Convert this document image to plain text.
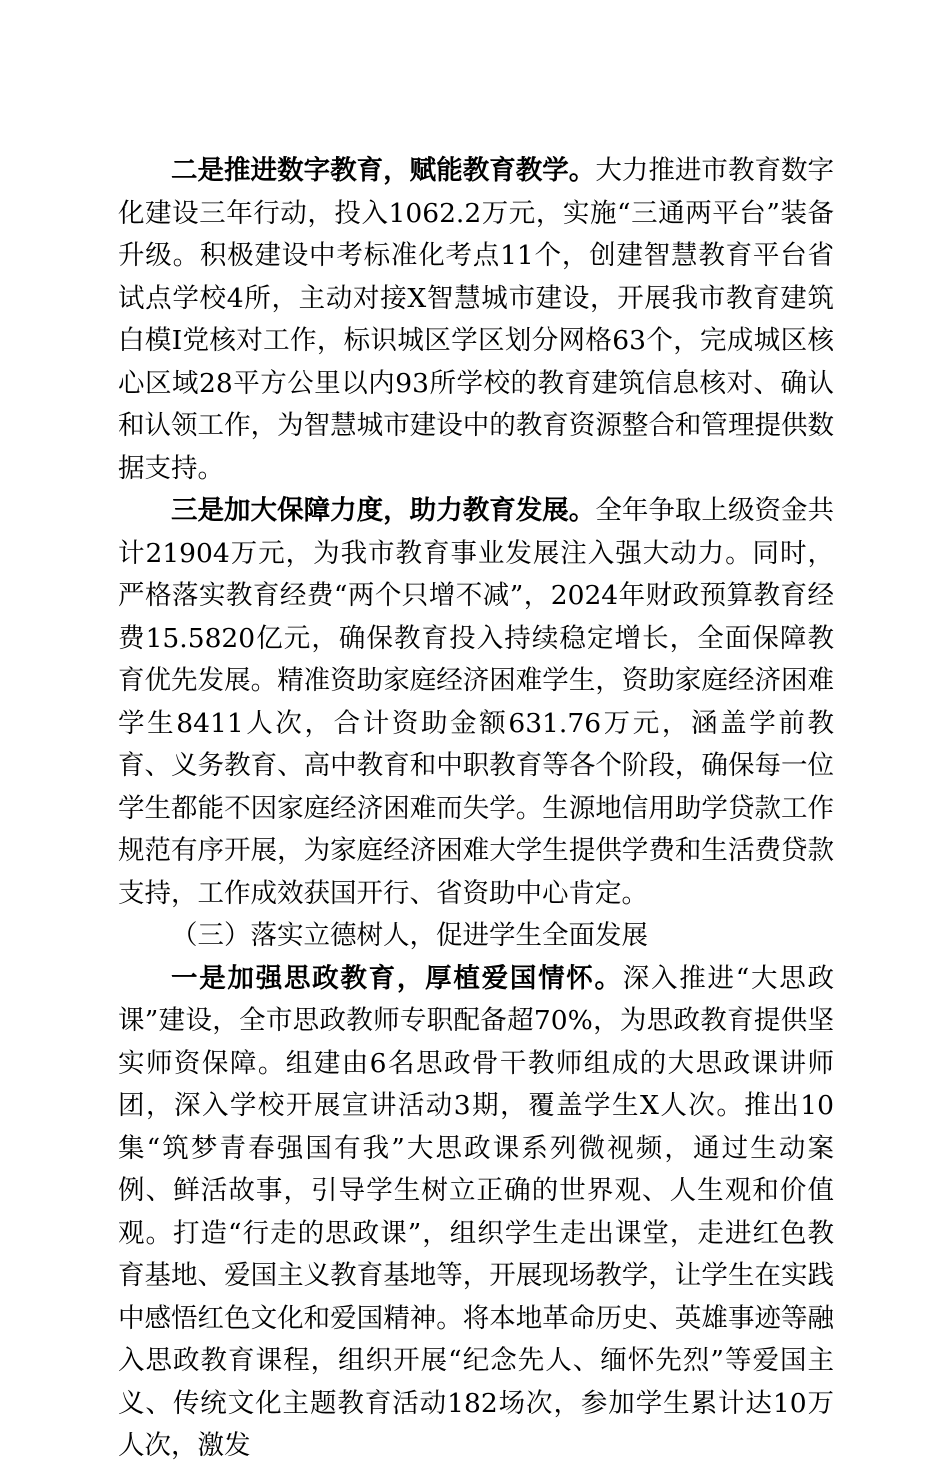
二是推进数字教育，赋能教育教学。大力推进市教育数字化建设三年行动，投入1062.2万元，实施“三通两平台”装备升级。积极建设中考标准化考点11个，创建智慧教育平台省试点学校4所，主动对接X智慧城市建设，开展我市教育建筑白模I党核对工作，标识城区学区划分网格63个，完成城区核心区域28平方公里以内93所学校的教育建筑信息核对、确认和认领工作，为智慧城市建设中的教育资源整合和管理提供数据支持。

三是加大保障力度，助力教育发展。全年争取上级资金共计21904万元，为我市教育事业发展注入强大动力。同时，严格落实教育经费“两个只增不减”，2024年财政预算教育经费15.5820亿元，确保教育投入持续稳定增长，全面保障教育优先发展。精准资助家庭经济困难学生，资助家庭经济困难学生8411人次，合计资助金额631.76万元，涵盖学前教育、义务教育、高中教育和中职教育等各个阶段，确保每一位学生都能不因家庭经济困难而失学。生源地信用助学贷款工作规范有序开展，为家庭经济困难大学生提供学费和生活费贷款支持，工作成效获国开行、省资助中心肯定。

（三）落实立德树人，促进学生全面发展

一是加强思政教育，厚植爱国情怀。深入推进“大思政课”建设，全市思政教师专职配备超70%，为思政教育提供坚实师资保障。组建由6名思政骨干教师组成的大思政课讲师团，深入学校开展宣讲活动3期，覆盖学生X人次。推出10集“筑梦青春强国有我”大思政课系列微视频，通过生动案例、鲜活故事，引导学生树立正确的世界观、人生观和价值观。打造“行走的思政课”，组织学生走出课堂，走进红色教育基地、爱国主义教育基地等，开展现场教学，让学生在实践中感悟红色文化和爱国精神。将本地革命历史、英雄事迹等融入思政教育课程，组织开展“纪念先人、缅怀先烈”等爱国主义、传统文化主题教育活动182场次，参加学生累计达10万人次，激发
